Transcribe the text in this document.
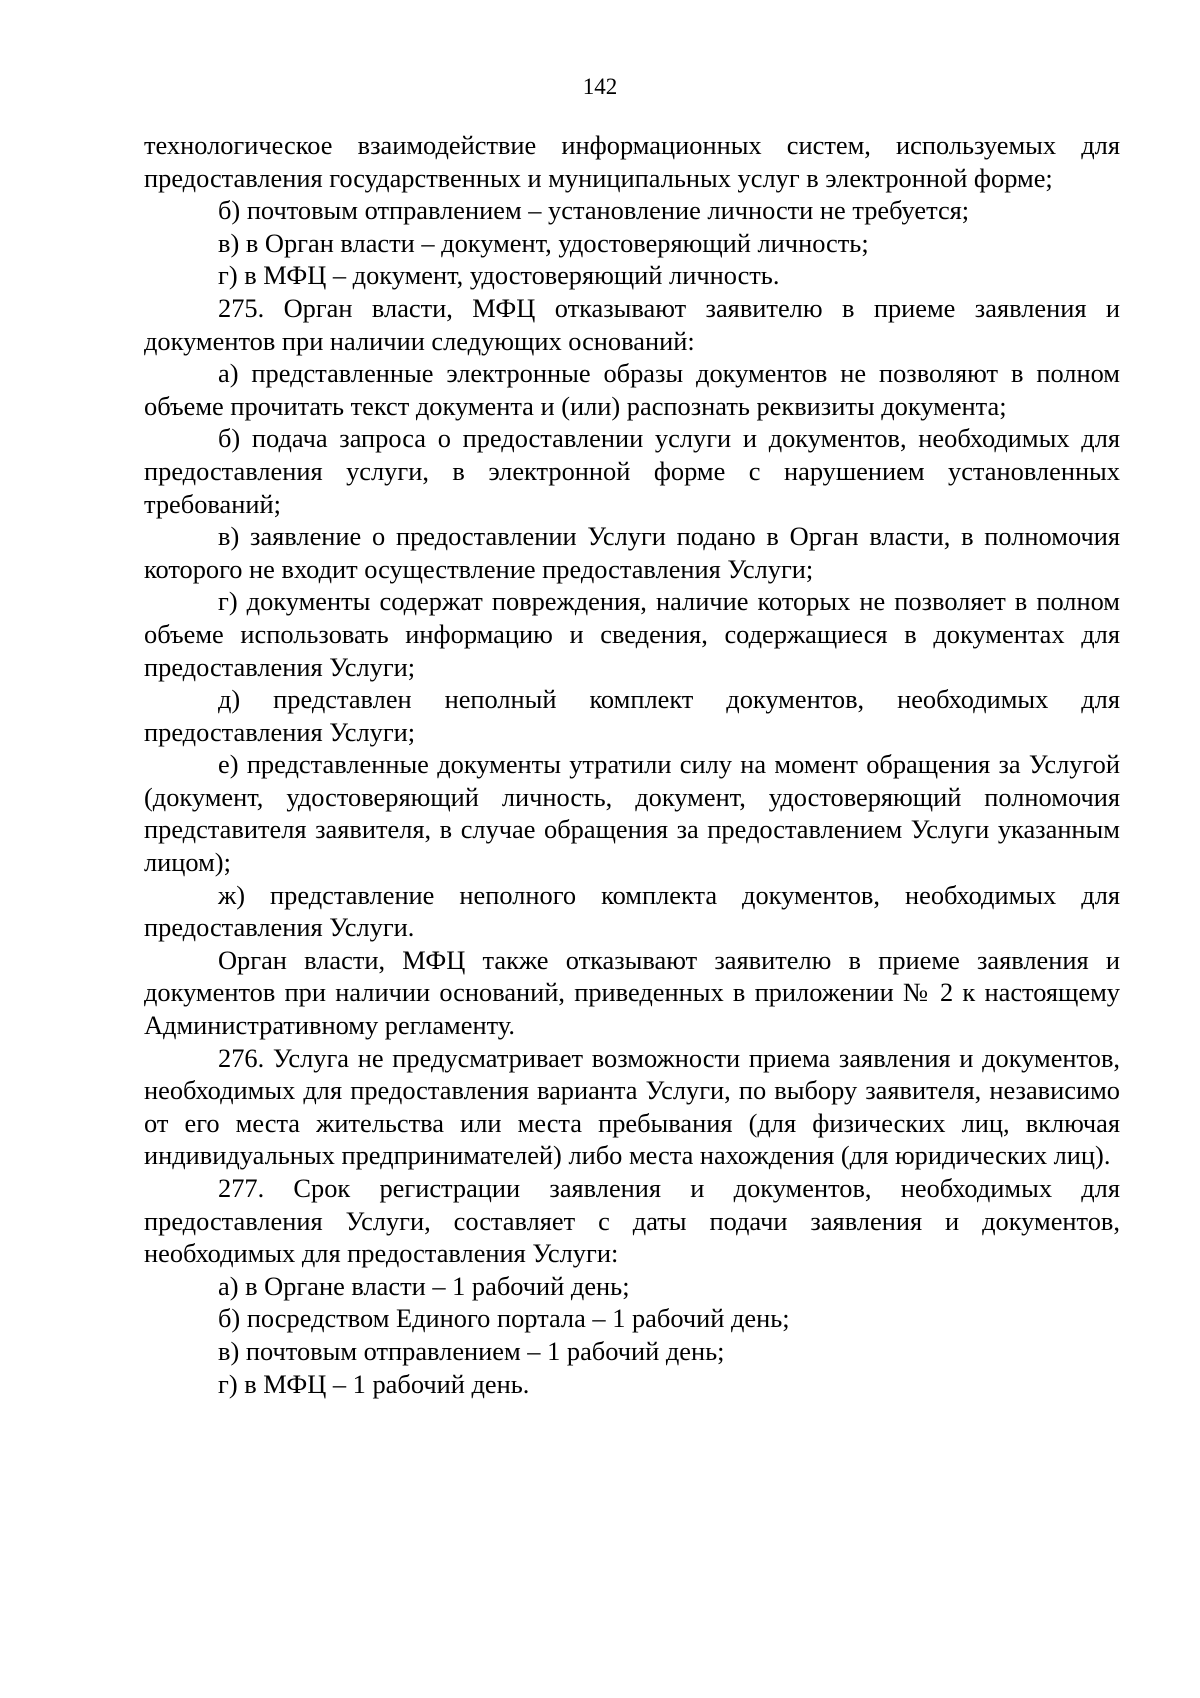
142

технологическое взаимодействие информационных систем, используемых для предоставления государственных и муниципальных услуг в электронной форме;

б) почтовым отправлением – установление личности не требуется;

в) в Орган власти – документ, удостоверяющий личность;

г) в МФЦ – документ, удостоверяющий личность.

275. Орган власти, МФЦ отказывают заявителю в приеме заявления и документов при наличии следующих оснований:

а) представленные электронные образы документов не позволяют в полном объеме прочитать текст документа и (или) распознать реквизиты документа;

б) подача запроса о предоставлении услуги и документов, необходимых для предоставления услуги, в электронной форме с нарушением установленных требований;

в) заявление о предоставлении Услуги подано в Орган власти, в полномочия которого не входит осуществление предоставления Услуги;

г) документы содержат повреждения, наличие которых не позволяет в полном объеме использовать информацию и сведения, содержащиеся в документах для предоставления Услуги;

д) представлен неполный комплект документов, необходимых для предоставления Услуги;

е) представленные документы утратили силу на момент обращения за Услугой (документ, удостоверяющий личность, документ, удостоверяющий полномочия представителя заявителя, в случае обращения за предоставлением Услуги указанным лицом);

ж) представление неполного комплекта документов, необходимых для предоставления Услуги.

Орган власти, МФЦ также отказывают заявителю в приеме заявления и документов при наличии оснований, приведенных в приложении № 2 к настоящему Административному регламенту.

276. Услуга не предусматривает возможности приема заявления и документов, необходимых для предоставления варианта Услуги, по выбору заявителя, независимо от его места жительства или места пребывания (для физических лиц, включая индивидуальных предпринимателей) либо места нахождения (для юридических лиц).

277. Срок регистрации заявления и документов, необходимых для предоставления Услуги, составляет с даты подачи заявления и документов, необходимых для предоставления Услуги:

а) в Органе власти – 1 рабочий день;

б) посредством Единого портала – 1 рабочий день;

в) почтовым отправлением – 1 рабочий день;

г) в МФЦ – 1 рабочий день.
